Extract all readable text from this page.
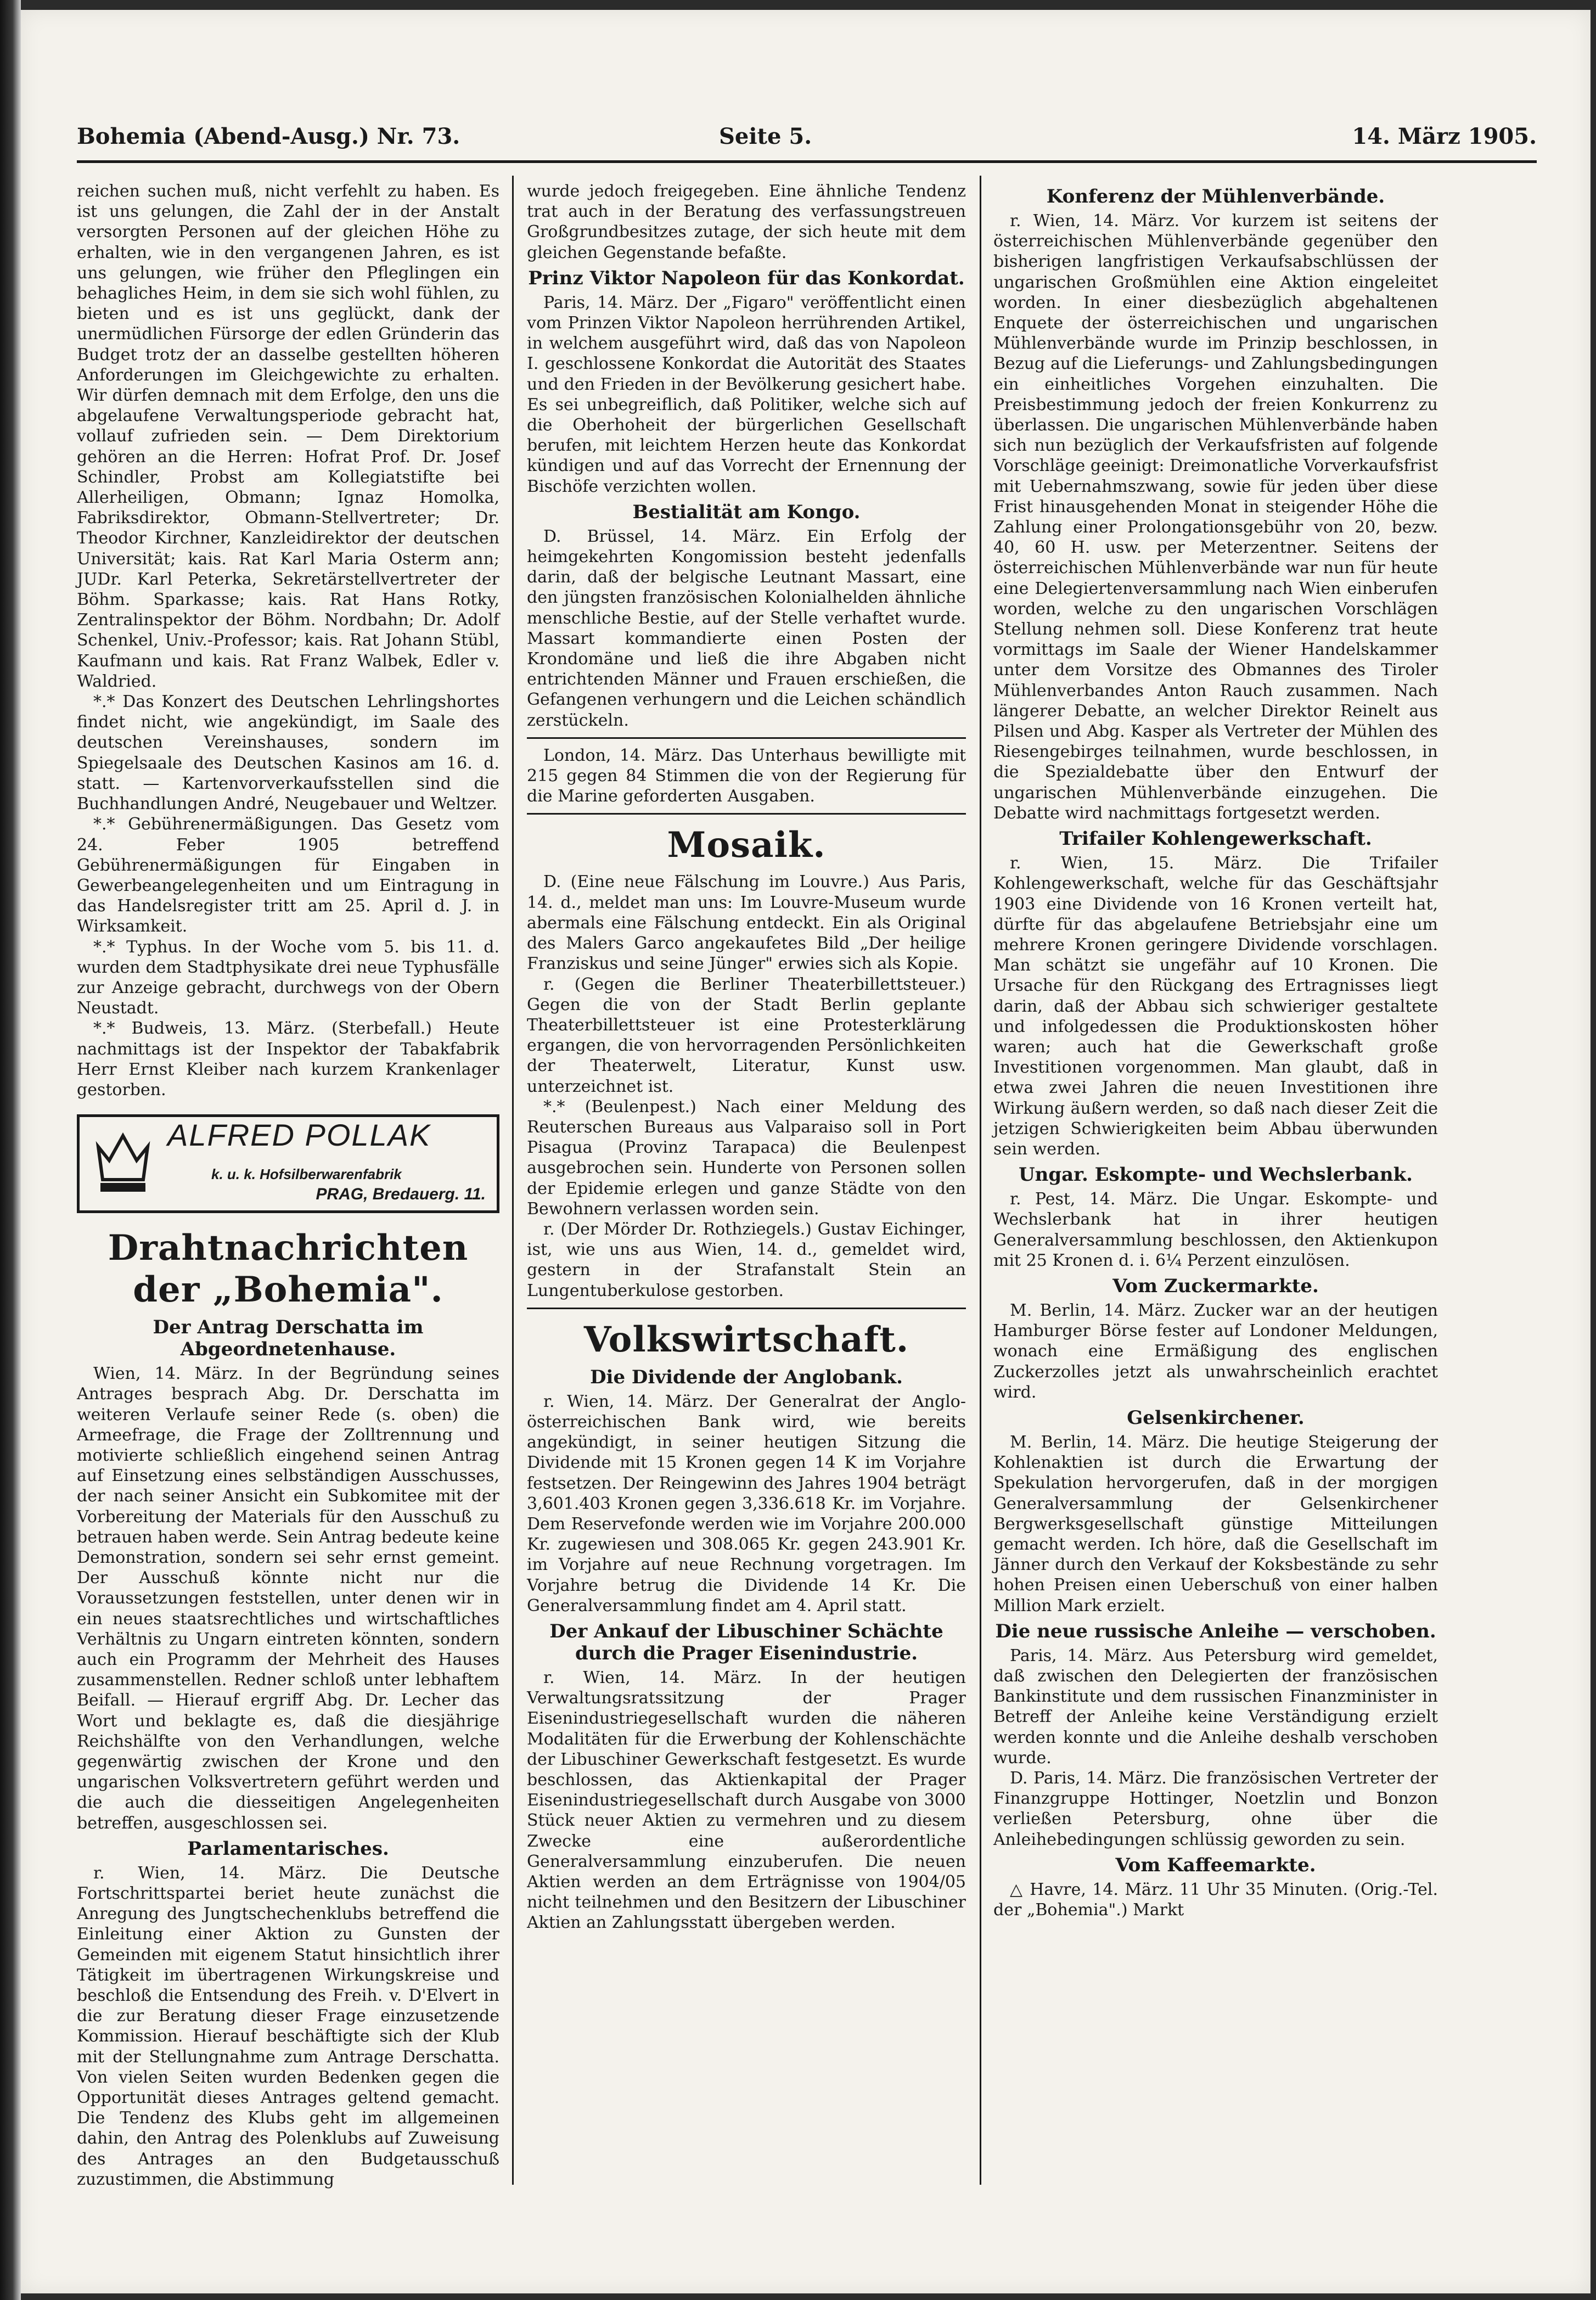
Bohemia (Abend-Ausg.) Nr. 73.	Seite 5.	14. März 1905.

reichen suchen muß, nicht verfehlt zu haben. Es ist uns gelungen, die Zahl der in der Anstalt versorgten Personen auf der gleichen Höhe zu erhalten, wie in den vergangenen Jahren, es ist uns gelungen, wie früher den Pfleglingen ein behagliches Heim, in dem sie sich wohl fühlen, zu bieten und es ist uns geglückt, dank der unermüdlichen Fürsorge der edlen Gründerin das Budget trotz der an dasselbe gestellten höheren Anforderungen im Gleichgewichte zu erhalten. Wir dürfen demnach mit dem Erfolge, den uns die abgelaufene Verwaltungsperiode gebracht hat, vollauf zufrieden sein. — Dem Direktorium gehören an die Herren: Hofrat Prof. Dr. Josef Schindler, Probst am Kollegiatstifte bei Allerheiligen, Obmann; Ignaz Homolka, Fabriksdirektor, Obmann-Stellvertreter; Dr. Theodor Kirchner, Kanzleidirektor der deutschen Universität; kais. Rat Karl Maria Osterm ann; JUDr. Karl Peterka, Sekretärstellvertreter der Böhm. Sparkasse; kais. Rat Hans Rotky, Zentralinspektor der Böhm. Nordbahn; Dr. Adolf Schenkel, Univ.-Professor; kais. Rat Johann Stübl, Kaufmann und kais. Rat Franz Walbek, Edler v. Waldried.

*.* Das Konzert des Deutschen Lehrlingshortes findet nicht, wie angekündigt, im Saale des deutschen Vereinshauses, sondern im Spiegelsaale des Deutschen Kasinos am 16. d. statt. — Kartenvorverkaufsstellen sind die Buchhandlungen André, Neugebauer und Weltzer.

*.* Gebührenermäßigungen. Das Gesetz vom 24. Feber 1905 betreffend Gebührenermäßigungen für Eingaben in Gewerbeangelegenheiten und um Eintragung in das Handelsregister tritt am 25. April d. J. in Wirksamkeit.

*.* Typhus. In der Woche vom 5. bis 11. d. wurden dem Stadtphysikate drei neue Typhusfälle zur Anzeige gebracht, durchwegs von der Obern Neustadt.

*.* Budweis, 13. März. (Sterbefall.) Heute nachmittags ist der Inspektor der Tabakfabrik Herr Ernst Kleiber nach kurzem Krankenlager gestorben.

ALFRED POLLAK
k. u. k. Hofsilberwarenfabrik
PRAG, Bredauerg. 11.
Drahtnachrichten der „Bohemia".
Der Antrag Derschatta im Abgeordnetenhause.

Wien, 14. März. In der Begründung seines Antrages besprach Abg. Dr. Derschatta im weiteren Verlaufe seiner Rede (s. oben) die Armeefrage, die Frage der Zolltrennung und motivierte schließlich eingehend seinen Antrag auf Einsetzung eines selbständigen Ausschusses, der nach seiner Ansicht ein Subkomitee mit der Vorbereitung der Materials für den Ausschuß zu betrauen haben werde. Sein Antrag bedeute keine Demonstration, sondern sei sehr ernst gemeint. Der Ausschuß könnte nicht nur die Voraussetzungen feststellen, unter denen wir in ein neues staatsrechtliches und wirtschaftliches Verhältnis zu Ungarn eintreten könnten, sondern auch ein Programm der Mehrheit des Hauses zusammenstellen. Redner schloß unter lebhaftem Beifall. — Hierauf ergriff Abg. Dr. Lecher das Wort und beklagte es, daß die diesjährige Reichshälfte von den Verhandlungen, welche gegenwärtig zwischen der Krone und den ungarischen Volksvertretern geführt werden und die auch die diesseitigen Angelegenheiten betreffen, ausgeschlossen sei.

Parlamentarisches.

r. Wien, 14. März. Die Deutsche Fortschrittspartei beriet heute zunächst die Anregung des Jungtschechenklubs betreffend die Einleitung einer Aktion zu Gunsten der Gemeinden mit eigenem Statut hinsichtlich ihrer Tätigkeit im übertragenen Wirkungskreise und beschloß die Entsendung des Freih. v. D'Elvert in die zur Beratung dieser Frage einzusetzende Kommission. Hierauf beschäftigte sich der Klub mit der Stellungnahme zum Antrage Derschatta. Von vielen Seiten wurden Bedenken gegen die Opportunität dieses Antrages geltend gemacht. Die Tendenz des Klubs geht im allgemeinen dahin, den Antrag des Polenklubs auf Zuweisung des Antrages an den Budgetausschuß zuzustimmen, die Abstimmung

wurde jedoch freigegeben. Eine ähnliche Tendenz trat auch in der Beratung des verfassungstreuen Großgrundbesitzes zutage, der sich heute mit dem gleichen Gegenstande befaßte.

Prinz Viktor Napoleon für das Konkordat.

Paris, 14. März. Der „Figaro" veröffentlicht einen vom Prinzen Viktor Napoleon herrührenden Artikel, in welchem ausgeführt wird, daß das von Napoleon I. geschlossene Konkordat die Autorität des Staates und den Frieden in der Bevölkerung gesichert habe. Es sei unbegreiflich, daß Politiker, welche sich auf die Oberhoheit der bürgerlichen Gesellschaft berufen, mit leichtem Herzen heute das Konkordat kündigen und auf das Vorrecht der Ernennung der Bischöfe verzichten wollen.

Bestialität am Kongo.

D. Brüssel, 14. März. Ein Erfolg der heimgekehrten Kongomission besteht jedenfalls darin, daß der belgische Leutnant Massart, eine den jüngsten französischen Kolonialhelden ähnliche menschliche Bestie, auf der Stelle verhaftet wurde. Massart kommandierte einen Posten der Krondomäne und ließ die ihre Abgaben nicht entrichtenden Männer und Frauen erschießen, die Gefangenen verhungern und die Leichen schändlich zerstückeln.

London, 14. März. Das Unterhaus bewilligte mit 215 gegen 84 Stimmen die von der Regierung für die Marine geforderten Ausgaben.

Mosaik.

D. (Eine neue Fälschung im Louvre.) Aus Paris, 14. d., meldet man uns: Im Louvre-Museum wurde abermals eine Fälschung entdeckt. Ein als Original des Malers Garco angekaufetes Bild „Der heilige Franziskus und seine Jünger" erwies sich als Kopie.

r. (Gegen die Berliner Theaterbillettsteuer.) Gegen die von der Stadt Berlin geplante Theaterbillettsteuer ist eine Protesterklärung ergangen, die von hervorragenden Persönlichkeiten der Theaterwelt, Literatur, Kunst usw. unterzeichnet ist.

*.* (Beulenpest.) Nach einer Meldung des Reuterschen Bureaus aus Valparaiso soll in Port Pisagua (Provinz Tarapaca) die Beulenpest ausgebrochen sein. Hunderte von Personen sollen der Epidemie erlegen und ganze Städte von den Bewohnern verlassen worden sein.

r. (Der Mörder Dr. Rothziegels.) Gustav Eichinger, ist, wie uns aus Wien, 14. d., gemeldet wird, gestern in der Strafanstalt Stein an Lungentuberkulose gestorben.

Volkswirtschaft.
Die Dividende der Anglobank.

r. Wien, 14. März. Der Generalrat der Anglo-österreichischen Bank wird, wie bereits angekündigt, in seiner heutigen Sitzung die Dividende mit 15 Kronen gegen 14 K im Vorjahre festsetzen. Der Reingewinn des Jahres 1904 beträgt 3,601.403 Kronen gegen 3,336.618 Kr. im Vorjahre. Dem Reservefonde werden wie im Vorjahre 200.000 Kr. zugewiesen und 308.065 Kr. gegen 243.901 Kr. im Vorjahre auf neue Rechnung vorgetragen. Im Vorjahre betrug die Dividende 14 Kr. Die Generalversammlung findet am 4. April statt.

Der Ankauf der Libuschiner Schächte durch die Prager Eisenindustrie.

r. Wien, 14. März. In der heutigen Verwaltungsratssitzung der Prager Eisenindustriegesellschaft wurden die näheren Modalitäten für die Erwerbung der Kohlenschächte der Libuschiner Gewerkschaft festgesetzt. Es wurde beschlossen, das Aktienkapital der Prager Eisenindustriegesellschaft durch Ausgabe von 3000 Stück neuer Aktien zu vermehren und zu diesem Zwecke eine außerordentliche Generalversammlung einzuberufen. Die neuen Aktien werden an dem Erträgnisse von 1904/05 nicht teilnehmen und den Besitzern der Libuschiner Aktien an Zahlungsstatt übergeben werden.

Konferenz der Mühlenverbände.

r. Wien, 14. März. Vor kurzem ist seitens der österreichischen Mühlenverbände gegenüber den bisherigen langfristigen Verkaufsabschlüssen der ungarischen Großmühlen eine Aktion eingeleitet worden. In einer diesbezüglich abgehaltenen Enquete der österreichischen und ungarischen Mühlenverbände wurde im Prinzip beschlossen, in Bezug auf die Lieferungs- und Zahlungsbedingungen ein einheitliches Vorgehen einzuhalten. Die Preisbestimmung jedoch der freien Konkurrenz zu überlassen. Die ungarischen Mühlenverbände haben sich nun bezüglich der Verkaufsfristen auf folgende Vorschläge geeinigt: Dreimonatliche Vorverkaufsfrist mit Uebernahmszwang, sowie für jeden über diese Frist hinausgehenden Monat in steigender Höhe die Zahlung einer Prolongationsgebühr von 20, bezw. 40, 60 H. usw. per Meterzentner. Seitens der österreichischen Mühlenverbände war nun für heute eine Delegiertenversammlung nach Wien einberufen worden, welche zu den ungarischen Vorschlägen Stellung nehmen soll. Diese Konferenz trat heute vormittags im Saale der Wiener Handelskammer unter dem Vorsitze des Obmannes des Tiroler Mühlenverbandes Anton Rauch zusammen. Nach längerer Debatte, an welcher Direktor Reinelt aus Pilsen und Abg. Kasper als Vertreter der Mühlen des Riesengebirges teilnahmen, wurde beschlossen, in die Spezialdebatte über den Entwurf der ungarischen Mühlenverbände einzugehen. Die Debatte wird nachmittags fortgesetzt werden.

Trifailer Kohlengewerkschaft.

r. Wien, 15. März. Die Trifailer Kohlengewerkschaft, welche für das Geschäftsjahr 1903 eine Dividende von 16 Kronen verteilt hat, dürfte für das abgelaufene Betriebsjahr eine um mehrere Kronen geringere Dividende vorschlagen. Man schätzt sie ungefähr auf 10 Kronen. Die Ursache für den Rückgang des Ertragnisses liegt darin, daß der Abbau sich schwieriger gestaltete und infolgedessen die Produktionskosten höher waren; auch hat die Gewerkschaft große Investitionen vorgenommen. Man glaubt, daß in etwa zwei Jahren die neuen Investitionen ihre Wirkung äußern werden, so daß nach dieser Zeit die jetzigen Schwierigkeiten beim Abbau überwunden sein werden.

Ungar. Eskompte- und Wechslerbank.

r. Pest, 14. März. Die Ungar. Eskompte- und Wechslerbank hat in ihrer heutigen Generalversammlung beschlossen, den Aktienkupon mit 25 Kronen d. i. 6¼ Perzent einzulösen.

Vom Zuckermarkte.

M. Berlin, 14. März. Zucker war an der heutigen Hamburger Börse fester auf Londoner Meldungen, wonach eine Ermäßigung des englischen Zuckerzolles jetzt als unwahrscheinlich erachtet wird.

Gelsenkirchener.

M. Berlin, 14. März. Die heutige Steigerung der Kohlenaktien ist durch die Erwartung der Spekulation hervorgerufen, daß in der morgigen Generalversammlung der Gelsenkirchener Bergwerksgesellschaft günstige Mitteilungen gemacht werden. Ich höre, daß die Gesellschaft im Jänner durch den Verkauf der Koksbestände zu sehr hohen Preisen einen Ueberschuß von einer halben Million Mark erzielt.

Die neue russische Anleihe — verschoben.

Paris, 14. März. Aus Petersburg wird gemeldet, daß zwischen den Delegierten der französischen Bankinstitute und dem russischen Finanzminister in Betreff der Anleihe keine Verständigung erzielt werden konnte und die Anleihe deshalb verschoben wurde.

D. Paris, 14. März. Die französischen Vertreter der Finanzgruppe Hottinger, Noetzlin und Bonzon verließen Petersburg, ohne über die Anleihebedingungen schlüssig geworden zu sein.

Vom Kaffeemarkte.

△ Havre, 14. März. 11 Uhr 35 Minuten. (Orig.-Tel. der „Bohemia".) Markt
